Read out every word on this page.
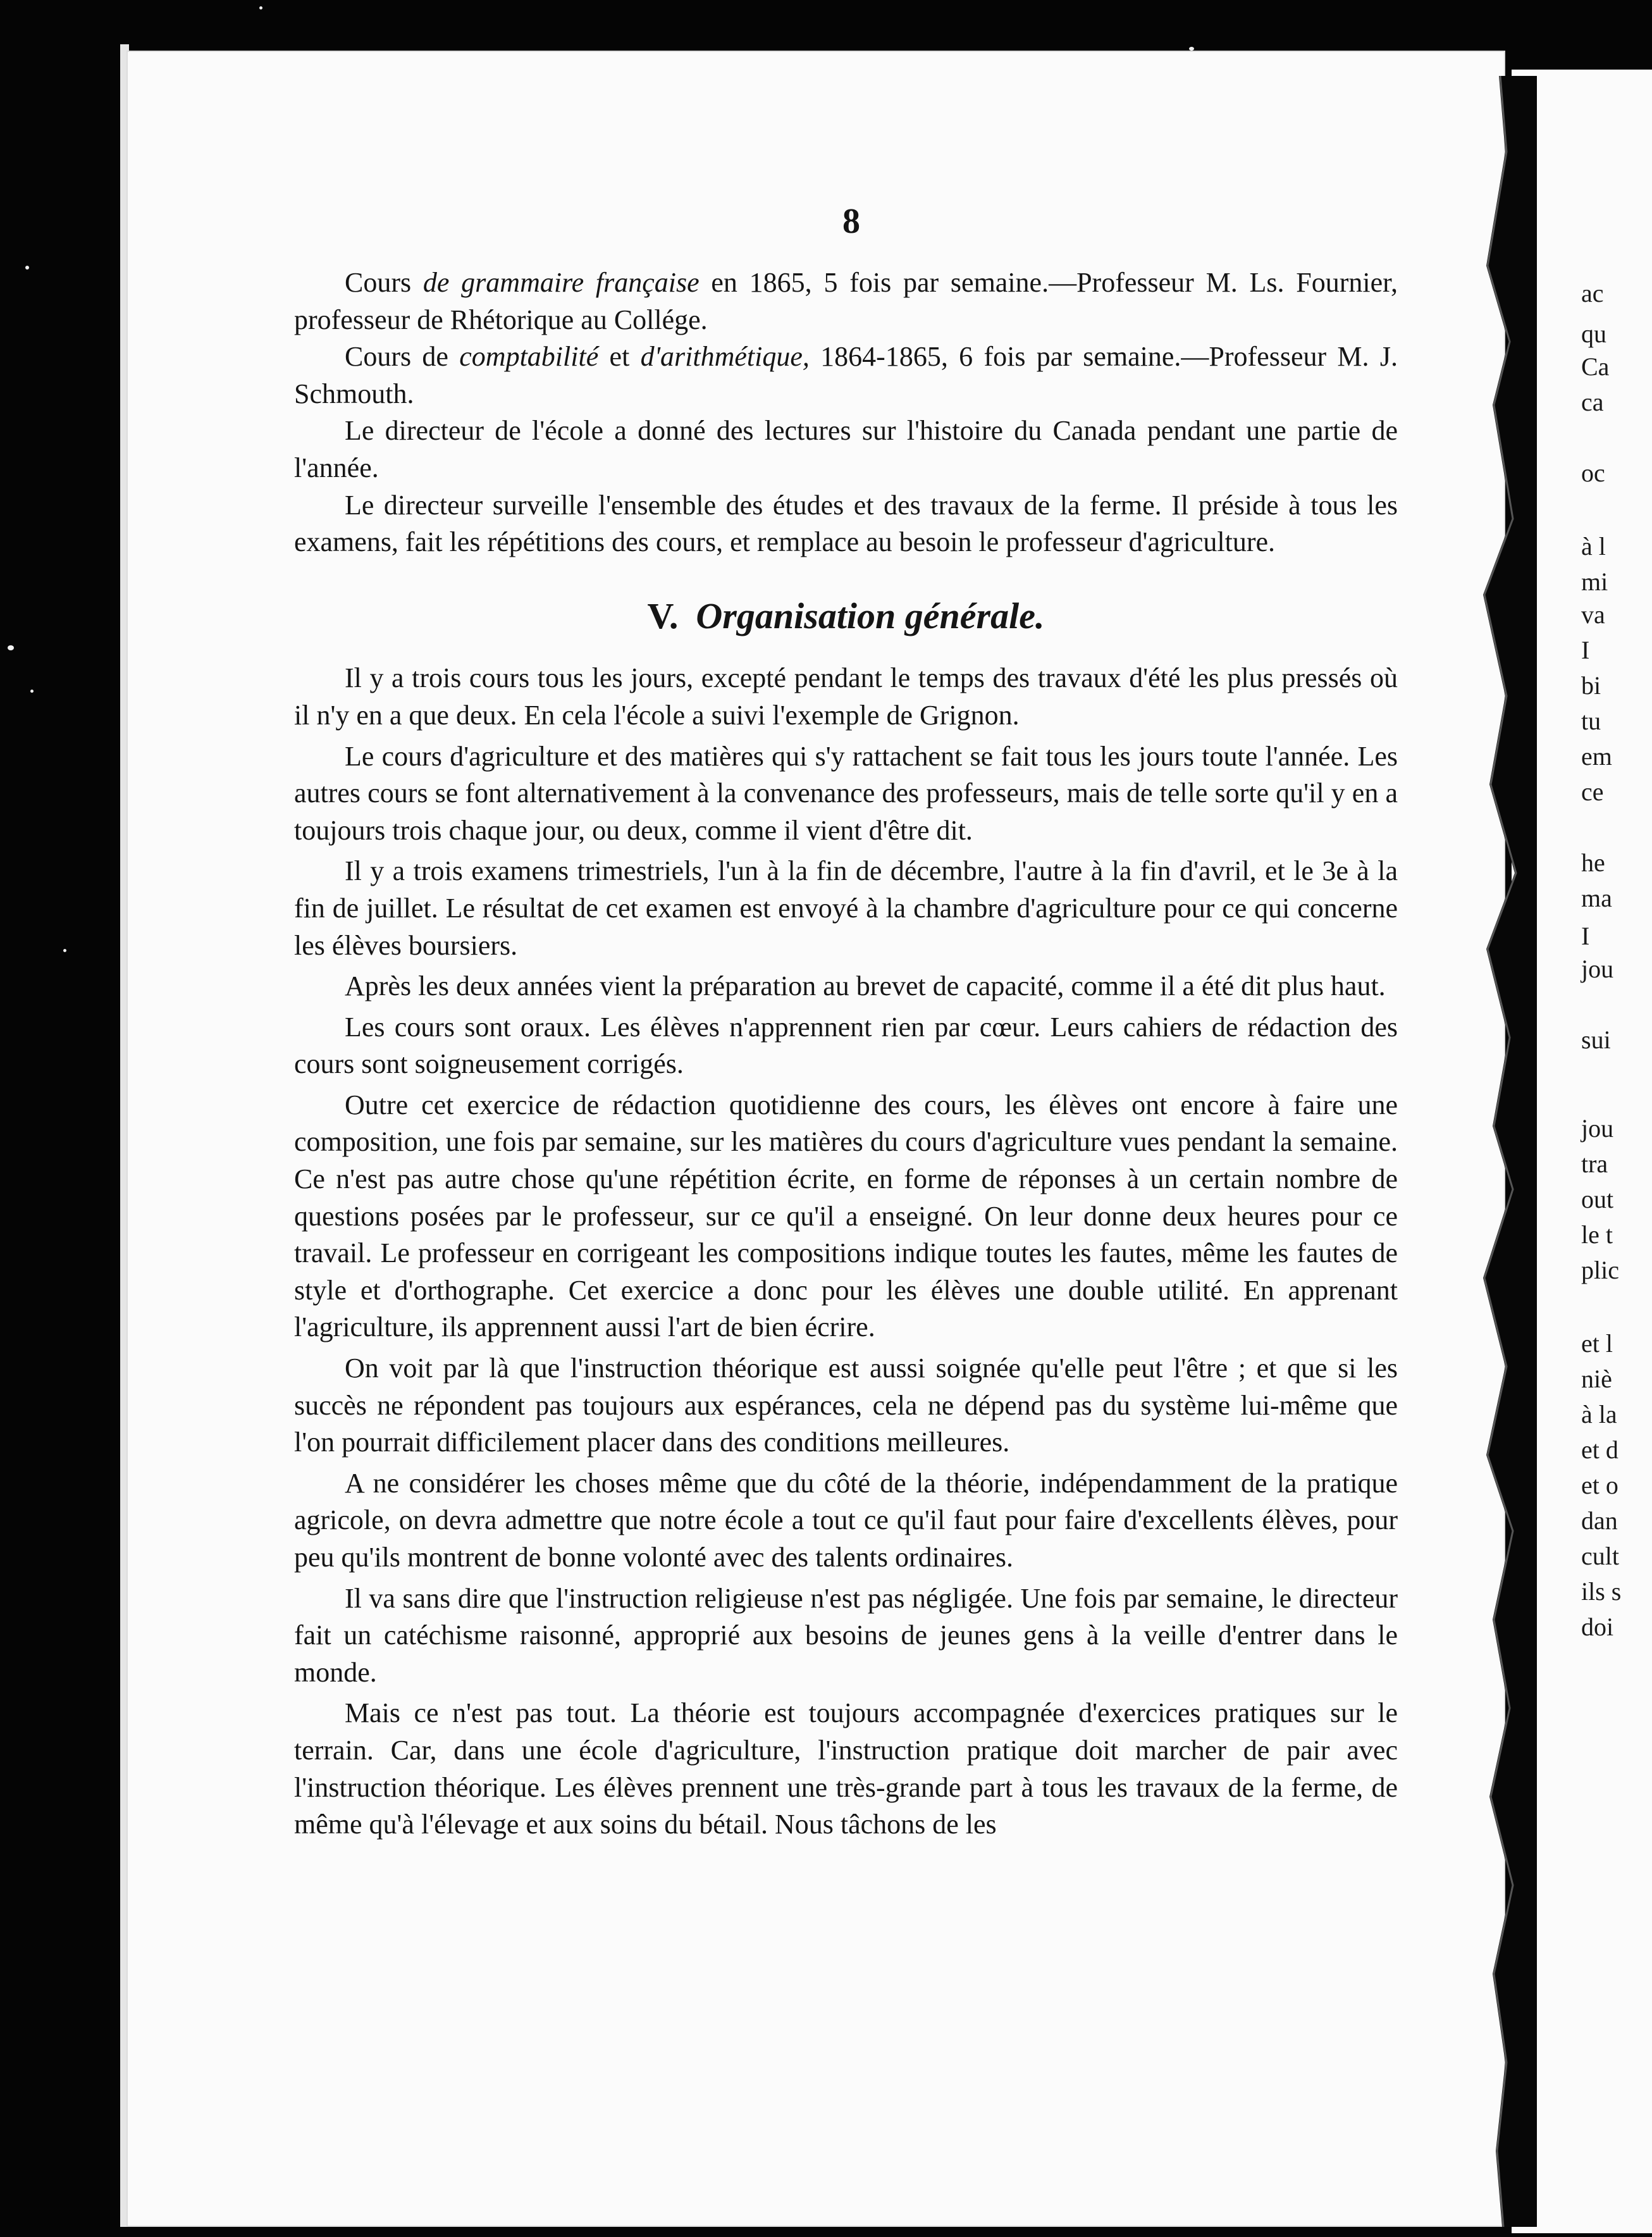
ac
qu
Ca
ca
oc
à l
mi
va
I
bi
tu
em
ce
he
ma
I
jou
sui
jou
tra
out
le t
plic
et l
niè
à la
et d
et o
dan
cult
ils s
doi
8

Cours de grammaire française en 1865, 5 fois par semaine.—Professeur M. Ls. Fournier, professeur de Rhétorique au Collége.

Cours de comptabilité et d'arithmétique, 1864-1865, 6 fois par semaine.—Professeur M. J. Schmouth.

Le directeur de l'école a donné des lectures sur l'histoire du Canada pendant une partie de l'année.

Le directeur surveille l'ensemble des études et des travaux de la ferme. Il préside à tous les examens, fait les répétitions des cours, et remplace au besoin le professeur d'agriculture.

V. Organisation générale.

Il y a trois cours tous les jours, excepté pendant le temps des travaux d'été les plus pressés où il n'y en a que deux. En cela l'école a suivi l'exemple de Grignon.

Le cours d'agriculture et des matières qui s'y rattachent se fait tous les jours toute l'année. Les autres cours se font alternativement à la convenance des professeurs, mais de telle sorte qu'il y en a toujours trois chaque jour, ou deux, comme il vient d'être dit.

Il y a trois examens trimestriels, l'un à la fin de décembre, l'autre à la fin d'avril, et le 3e à la fin de juillet. Le résultat de cet examen est envoyé à la chambre d'agriculture pour ce qui concerne les élèves boursiers.

Après les deux années vient la préparation au brevet de capacité, comme il a été dit plus haut.

Les cours sont oraux. Les élèves n'apprennent rien par cœur. Leurs cahiers de rédaction des cours sont soigneusement corrigés.

Outre cet exercice de rédaction quotidienne des cours, les élèves ont encore à faire une composition, une fois par semaine, sur les matières du cours d'agriculture vues pendant la semaine. Ce n'est pas autre chose qu'une répétition écrite, en forme de réponses à un certain nombre de questions posées par le professeur, sur ce qu'il a enseigné. On leur donne deux heures pour ce travail. Le professeur en corrigeant les compositions indique toutes les fautes, même les fautes de style et d'orthographe. Cet exercice a donc pour les élèves une double utilité. En apprenant l'agriculture, ils apprennent aussi l'art de bien écrire.

On voit par là que l'instruction théorique est aussi soignée qu'elle peut l'être ; et que si les succès ne répondent pas toujours aux espérances, cela ne dépend pas du système lui-même que l'on pourrait difficilement placer dans des conditions meilleures.

A ne considérer les choses même que du côté de la théorie, indépendamment de la pratique agricole, on devra admettre que notre école a tout ce qu'il faut pour faire d'excellents élèves, pour peu qu'ils montrent de bonne volonté avec des talents ordinaires.

Il va sans dire que l'instruction religieuse n'est pas négligée. Une fois par semaine, le directeur fait un catéchisme raisonné, approprié aux besoins de jeunes gens à la veille d'entrer dans le monde.

Mais ce n'est pas tout. La théorie est toujours accompagnée d'exercices pratiques sur le terrain. Car, dans une école d'agriculture, l'instruction pratique doit marcher de pair avec l'instruction théorique. Les élèves prennent une très-grande part à tous les travaux de la ferme, de même qu'à l'élevage et aux soins du bétail. Nous tâchons de les
